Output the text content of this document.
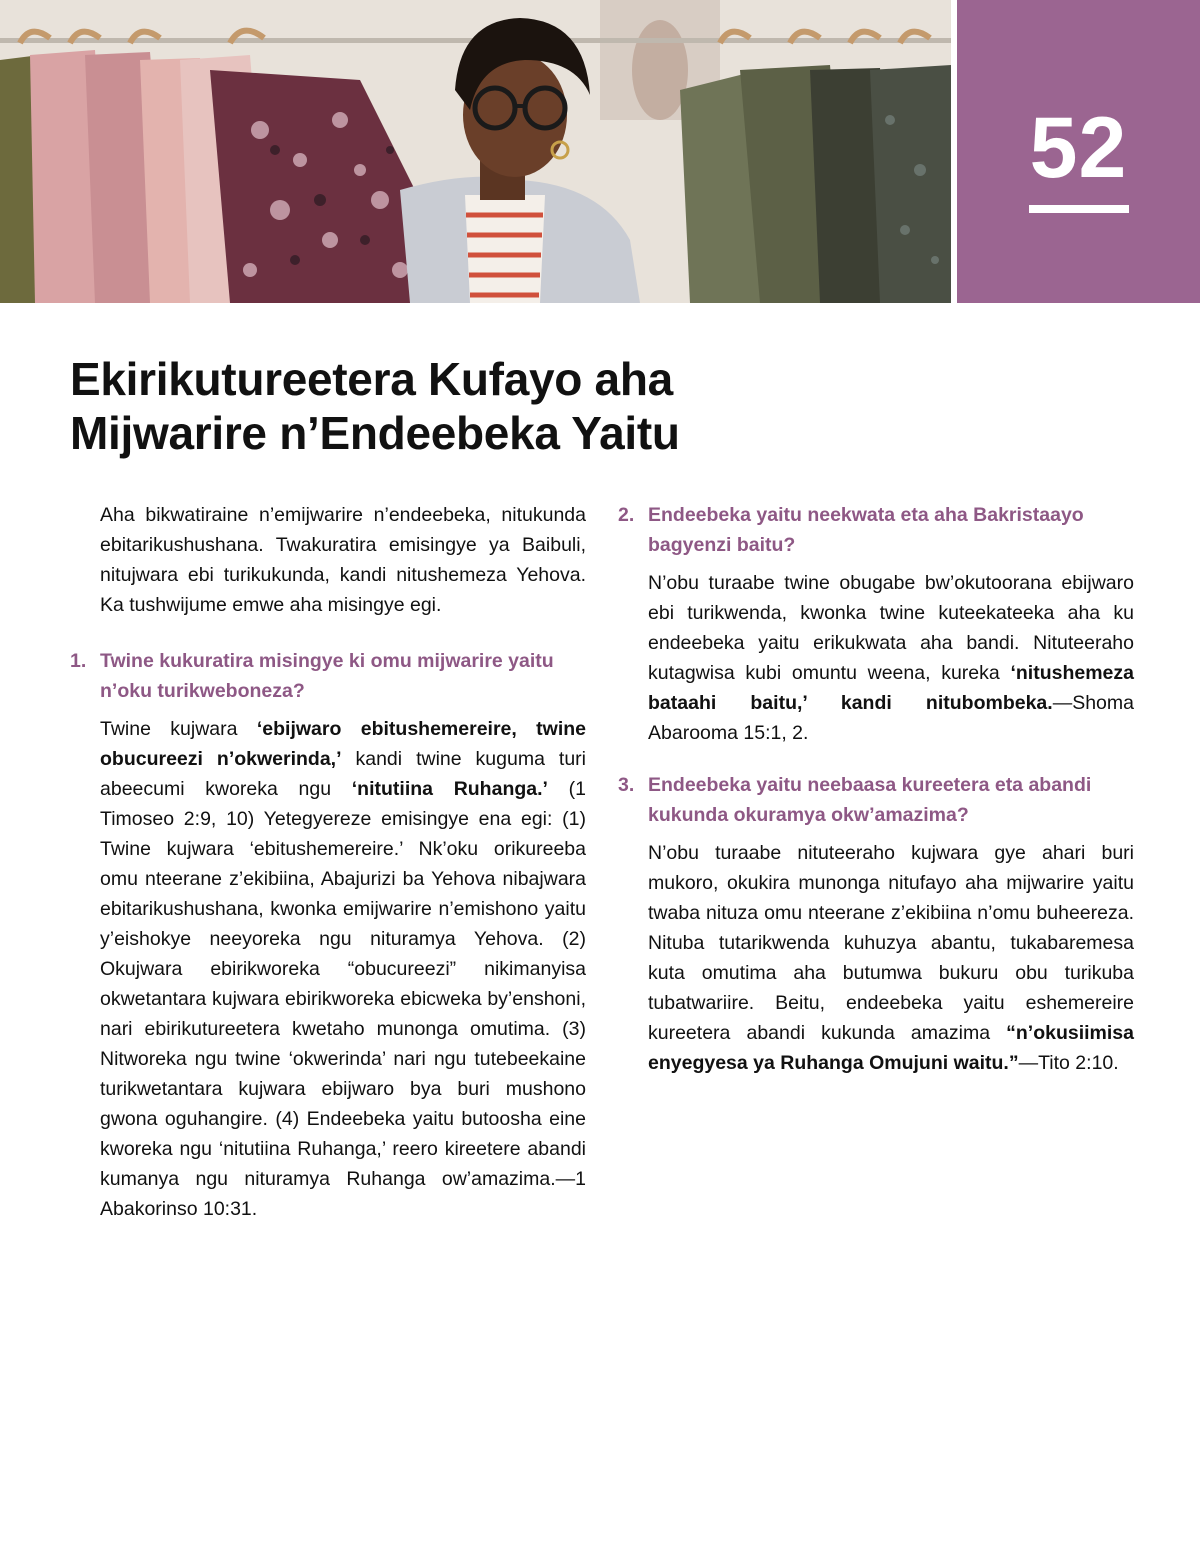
52
Ekirikutureetera Kufayo aha
Mijwarire n’Endeebeka Yaitu

Aha bikwatiraine n’emijwarire n’endeebeka, nitukunda ebitarikushushana. Twakuratira emisingye ya Baibuli, nitujwara ebi turikukunda, kandi nitushemeza Yehova. Ka tushwijume emwe aha misingye egi.

1. Twine kukuratira misingye ki omu mijwarire yaitu n’oku turikweboneza?

Twine kujwara ‘ebijwaro ebitushemereire, twine obucureezi n’okwerinda,’ kandi twine kuguma turi abeecumi kworeka ngu ‘nitutiina Ruhanga.’ (1 Timoseo 2:9, 10) Yetegyereze emisingye ena egi: (1) Twine kujwara ‘ebitushemereire.’ Nk’oku orikureeba omu nteerane z’ekibiina, Abajurizi ba Yehova nibajwara ebitarikushushana, kwonka emijwarire n’emishono yaitu y’eishokye neeyoreka ngu nituramya Yehova. (2) Okujwara ebirikworeka “obucureezi” nikimanyisa okwetantara kujwara ebirikworeka ebicweka by’enshoni, nari ebirikutureetera kwetaho munonga omutima. (3) Nitworeka ngu twine ‘okwerinda’ nari ngu tutebeekaine turikwetantara kujwara ebijwaro bya buri mushono gwona oguhangire. (4) Endeebeka yaitu butoosha eine kworeka ngu ‘nitutiina Ruhanga,’ reero kireetere abandi kumanya ngu nituramya Ruhanga ow’amazima.—1 Abakorinso 10:31.

2. Endeebeka yaitu neekwata eta aha Bakristaayo bagyenzi baitu?

N’obu turaabe twine obugabe bw’okutoorana ebijwaro ebi turikwenda, kwonka twine kuteekateeka aha ku endeebeka yaitu erikukwata aha bandi. Nituteeraho kutagwisa kubi omuntu weena, kureka ‘nitushemeza bataahi baitu,’ kandi nitubombeka.—Shoma Abarooma 15:1, 2.

3. Endeebeka yaitu neebaasa kureetera eta abandi kukunda okuramya okw’amazima?

N’obu turaabe nituteeraho kujwara gye ahari buri mukoro, okukira munonga nitufayo aha mijwarire yaitu twaba nituza omu nteerane z’ekibiina n’omu buheereza. Nituba tutarikwenda kuhuzya abantu, tukabaremesa kuta omutima aha butumwa bukuru obu turikuba tubatwariire. Beitu, endeebeka yaitu eshemereire kureetera abandi kukunda amazima “n’okusiimisa enyegyesa ya Ruhanga Omujuni waitu.”—Tito 2:10.
